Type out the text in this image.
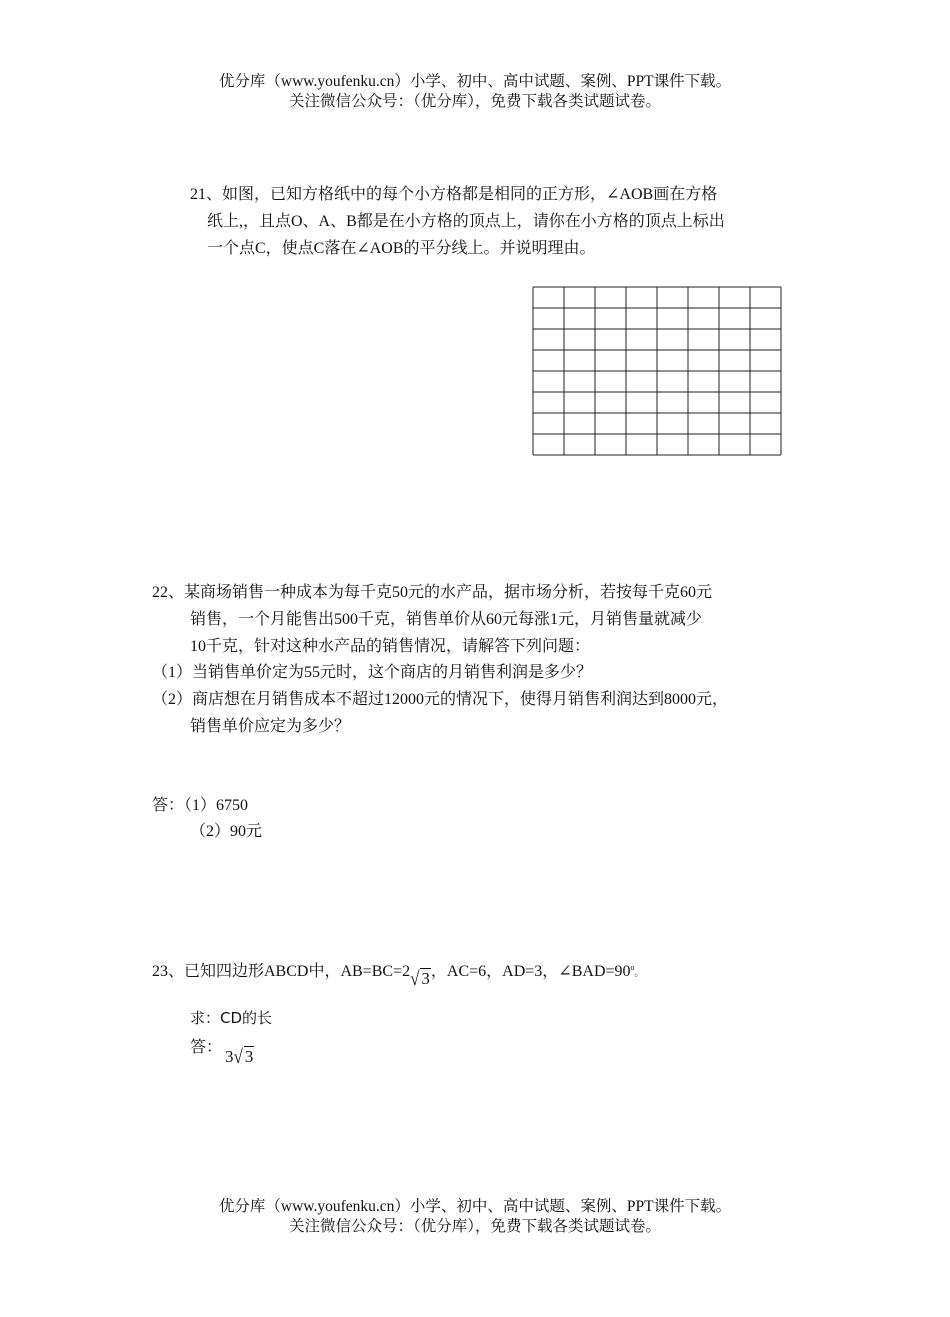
优分库（www.youfenku.cn）小学、初中、高中试题、案例、PPT课件下载。
关注微信公众号：（优分库），免费下载各类试题试卷。
21、如图，已知方格纸中的每个小方格都是相同的正方形，∠AOB画在方格
纸上,，且点O、A、B都是在小方格的顶点上，请你在小方格的顶点上标出
一个点C，使点C落在∠AOB的平分线上。并说明理由。
22、某商场销售一种成本为每千克50元的水产品，据市场分析，若按每千克60元
销售，一个月能售出500千克，销售单价从60元每涨1元，月销售量就减少
10千克，针对这种水产品的销售情况，请解答下列问题：
（1）当销售单价定为55元时，这个商店的月销售利润是多少？
（2）商店想在月销售成本不超过12000元的情况下，使得月销售利润达到8000元，
销售单价应定为多少？
答：（1）6750
（2）90元
23、已知四边形ABCD中，AB=BC=2√ 3，AC=6，AD=3，$\angle BAD=90^o$。
求：CD的长
答： 3√ 3
优分库（www.youfenku.cn）小学、初中、高中试题、案例、PPT课件下载。
关注微信公众号：（优分库），免费下载各类试题试卷。
